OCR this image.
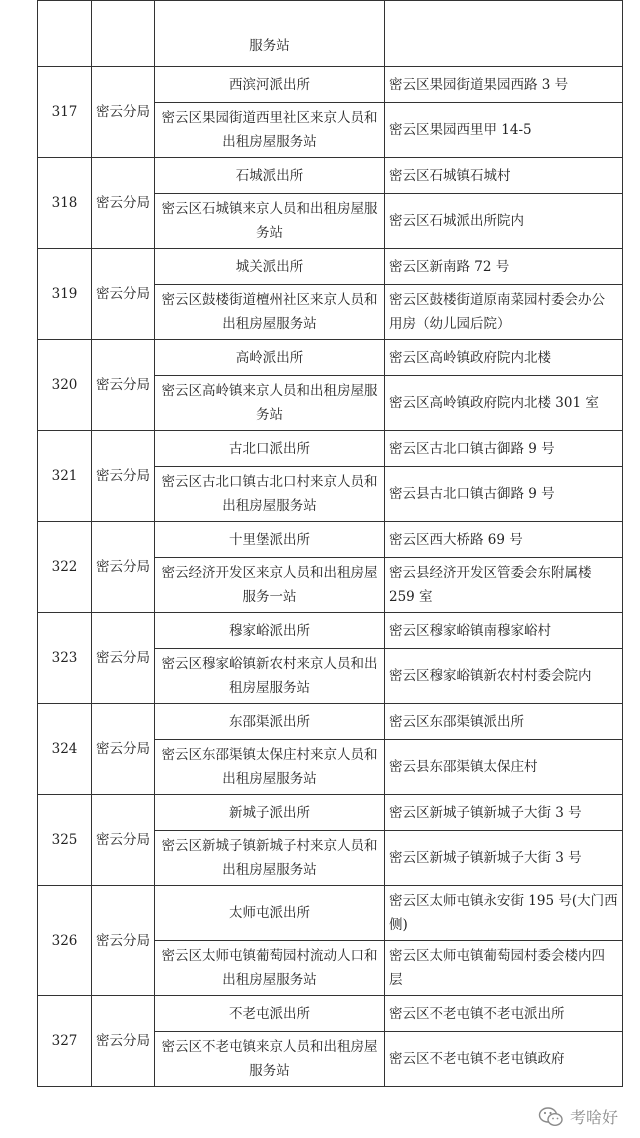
		服务站	
317	密云分局	西滨河派出所	密云区果园街道果园西路 3 号
		密云区果园街道西里社区来京人员和出租房屋服务站	密云区果园西里甲 14-5
318	密云分局	石城派出所	密云区石城镇石城村
		密云区石城镇来京人员和出租房屋服务站	密云区石城派出所院内
319	密云分局	城关派出所	密云区新南路 72 号
		密云区鼓楼街道檀州社区来京人员和出租房屋服务站	密云区鼓楼街道原南菜园村委会办公用房（幼儿园后院）
320	密云分局	高岭派出所	密云区高岭镇政府院内北楼
		密云区高岭镇来京人员和出租房屋服务站	密云区高岭镇政府院内北楼 301 室
321	密云分局	古北口派出所	密云区古北口镇古御路 9 号
		密云区古北口镇古北口村来京人员和出租房屋服务站	密云县古北口镇古御路 9 号
322	密云分局	十里堡派出所	密云区西大桥路 69 号
		密云经济开发区来京人员和出租房屋服务一站	密云县经济开发区管委会东附属楼 259 室
323	密云分局	穆家峪派出所	密云区穆家峪镇南穆家峪村
		密云区穆家峪镇新农村来京人员和出租房屋服务站	密云区穆家峪镇新农村村委会院内
324	密云分局	东邵渠派出所	密云区东邵渠镇派出所
		密云区东邵渠镇太保庄村来京人员和出租房屋服务站	密云县东邵渠镇太保庄村
325	密云分局	新城子派出所	密云区新城子镇新城子大街 3 号
		密云区新城子镇新城子村来京人员和出租房屋服务站	密云区新城子镇新城子大街 3 号
326	密云分局	太师屯派出所	密云区太师屯镇永安街 195 号(大门西侧)
		密云区太师屯镇葡萄园村流动人口和出租房屋服务站	密云区太师屯镇葡萄园村委会楼内四层
327	密云分局	不老屯派出所	密云区不老屯镇不老屯派出所
		密云区不老屯镇来京人员和出租房屋服务站	密云区不老屯镇不老屯镇政府
考啥好
